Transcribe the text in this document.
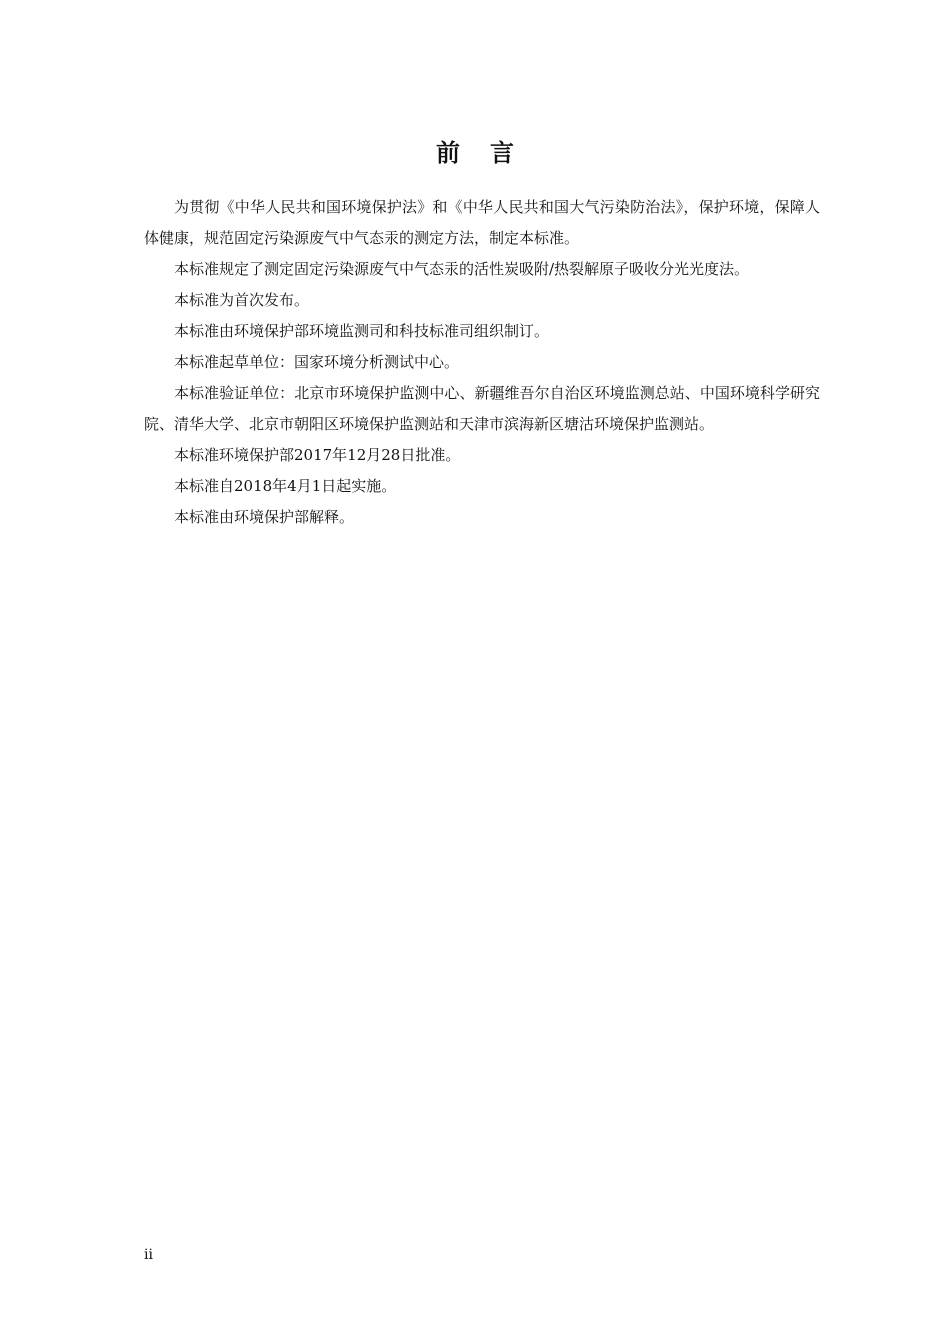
前言

为贯彻《中华人民共和国环境保护法》和《中华人民共和国大气污染防治法》，保护环境，保障人体健康，规范固定污染源废气中气态汞的测定方法，制定本标准。

本标准规定了测定固定污染源废气中气态汞的活性炭吸附/热裂解原子吸收分光光度法。

本标准为首次发布。

本标准由环境保护部环境监测司和科技标准司组织制订。

本标准起草单位：国家环境分析测试中心。

本标准验证单位：北京市环境保护监测中心、新疆维吾尔自治区环境监测总站、中国环境科学研究院、清华大学、北京市朝阳区环境保护监测站和天津市滨海新区塘沽环境保护监测站。

本标准环境保护部2017年12月28日批准。

本标准自2018年4月1日起实施。

本标准由环境保护部解释。

ii
